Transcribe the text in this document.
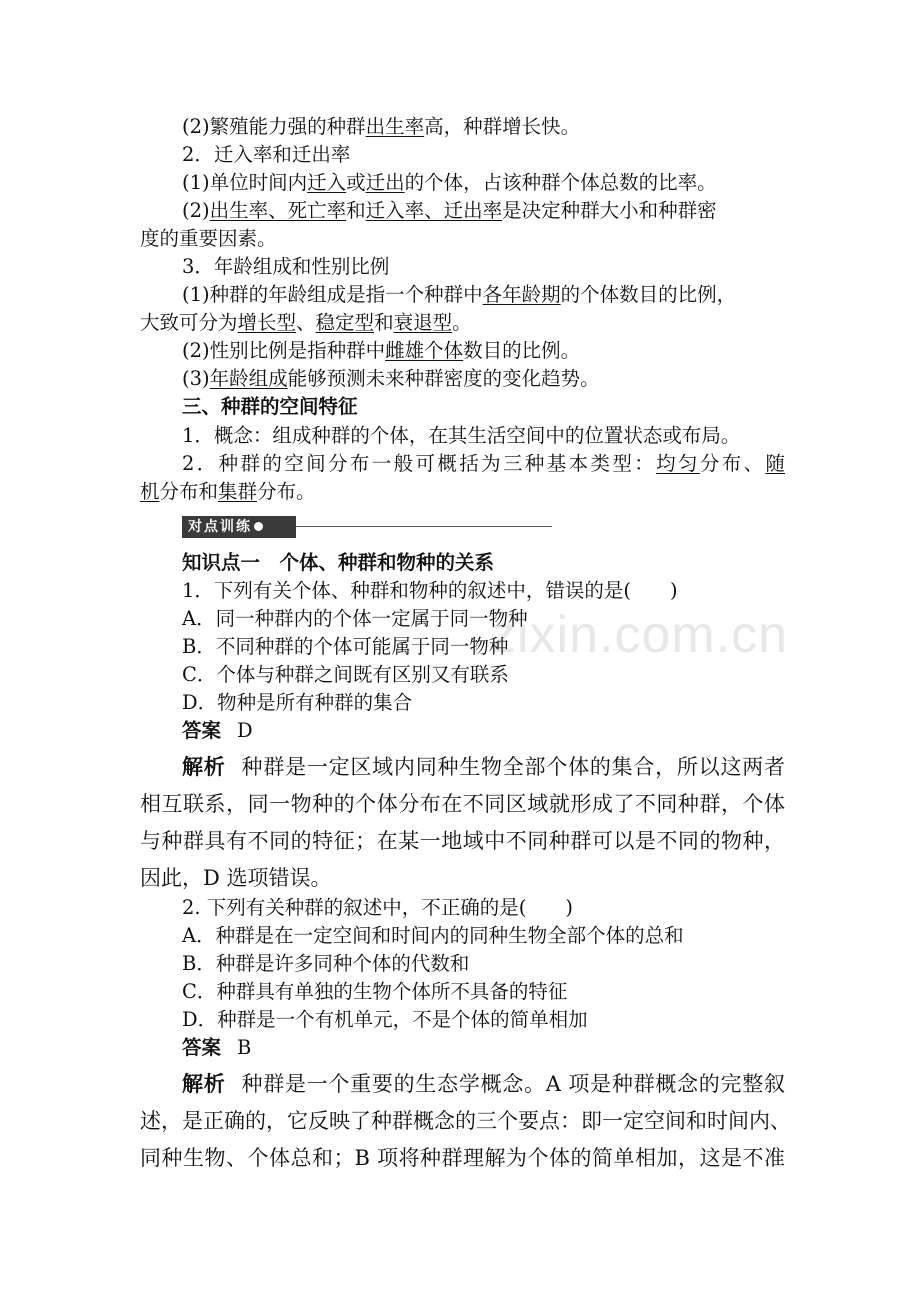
zixin.com.cn
(2)繁殖能力强的种群出生率高，种群增长快。
2．迁入率和迁出率
(1)单位时间内迁入或迁出的个体，占该种群个体总数的比率。
(2)出生率、死亡率和迁入率、迁出率是决定种群大小和种群密
度的重要因素。
3．年龄组成和性别比例
(1)种群的年龄组成是指一个种群中各年龄期的个体数目的比例，
大致可分为增长型、稳定型和衰退型。
(2)性别比例是指种群中雌雄个体数目的比例。
(3)年龄组成能够预测未来种群密度的变化趋势。
三、种群的空间特征
1．概念：组成种群的个体，在其生活空间中的位置状态或布局。
2．种群的空间分布一般可概括为三种基本类型：均匀分布、随
机分布和集群分布。
对点训练
知识点一　个体、种群和物种的关系
1．下列有关个体、种群和物种的叙述中，错误的是(　　)
A．同一种群内的个体一定属于同一物种
B．不同种群的个体可能属于同一物种
C．个体与种群之间既有区别又有联系
D．物种是所有种群的集合
答案 D
解析 种群是一定区域内同种生物全部个体的集合，所以这两者
相互联系，同一物种的个体分布在不同区域就形成了不同种群，个体
与种群具有不同的特征；在某一地域中不同种群可以是不同的物种，
因此，D 选项错误。
2. 下列有关种群的叙述中，不正确的是(　　)
A．种群是在一定空间和时间内的同种生物全部个体的总和
B．种群是许多同种个体的代数和
C．种群具有单独的生物个体所不具备的特征
D．种群是一个有机单元，不是个体的简单相加
答案 B
解析 种群是一个重要的生态学概念。A 项是种群概念的完整叙
述，是正确的，它反映了种群概念的三个要点：即一定空间和时间内、
同种生物、个体总和；B 项将种群理解为个体的简单相加，这是不准
